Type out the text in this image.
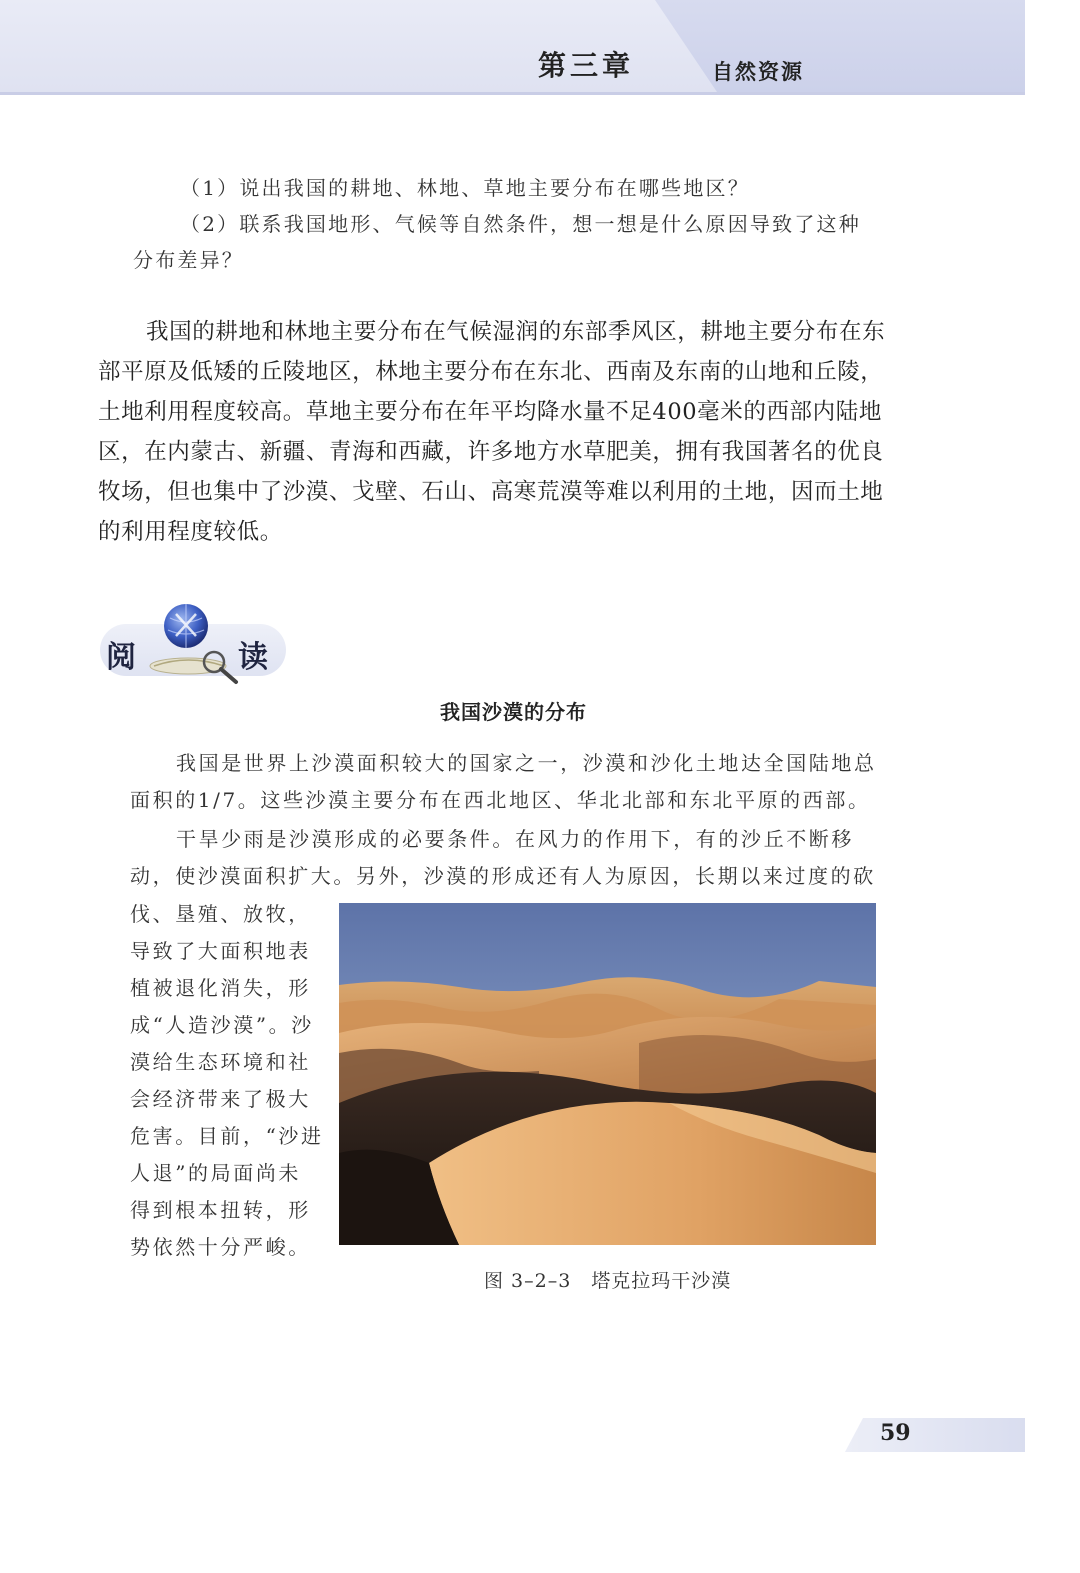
第三章	自然资源
（1）说出我国的耕地、林地、草地主要分布在哪些地区？
（2）联系我国地形、气候等自然条件，想一想是什么原因导致了这种
分布差异？
我国的耕地和林地主要分布在气候湿润的东部季风区，耕地主要分布在东
部平原及低矮的丘陵地区，林地主要分布在东北、西南及东南的山地和丘陵，
土地利用程度较高。草地主要分布在年平均降水量不足400毫米的西部内陆地
区，在内蒙古、新疆、青海和西藏，许多地方水草肥美，拥有我国著名的优良
牧场，但也集中了沙漠、戈壁、石山、高寒荒漠等难以利用的土地，因而土地
的利用程度较低。
阅	读
我国沙漠的分布
我国是世界上沙漠面积较大的国家之一，沙漠和沙化土地达全国陆地总
面积的1/7。这些沙漠主要分布在西北地区、华北北部和东北平原的西部。
干旱少雨是沙漠形成的必要条件。在风力的作用下，有的沙丘不断移
动，使沙漠面积扩大。另外，沙漠的形成还有人为原因，长期以来过度的砍
伐、垦殖、放牧，
导致了大面积地表
植被退化消失，形
成“人造沙漠”。沙
漠给生态环境和社
会经济带来了极大
危害。目前，“沙进
人退”的局面尚未
得到根本扭转，形
势依然十分严峻。
图 3–2–3　塔克拉玛干沙漠
59
